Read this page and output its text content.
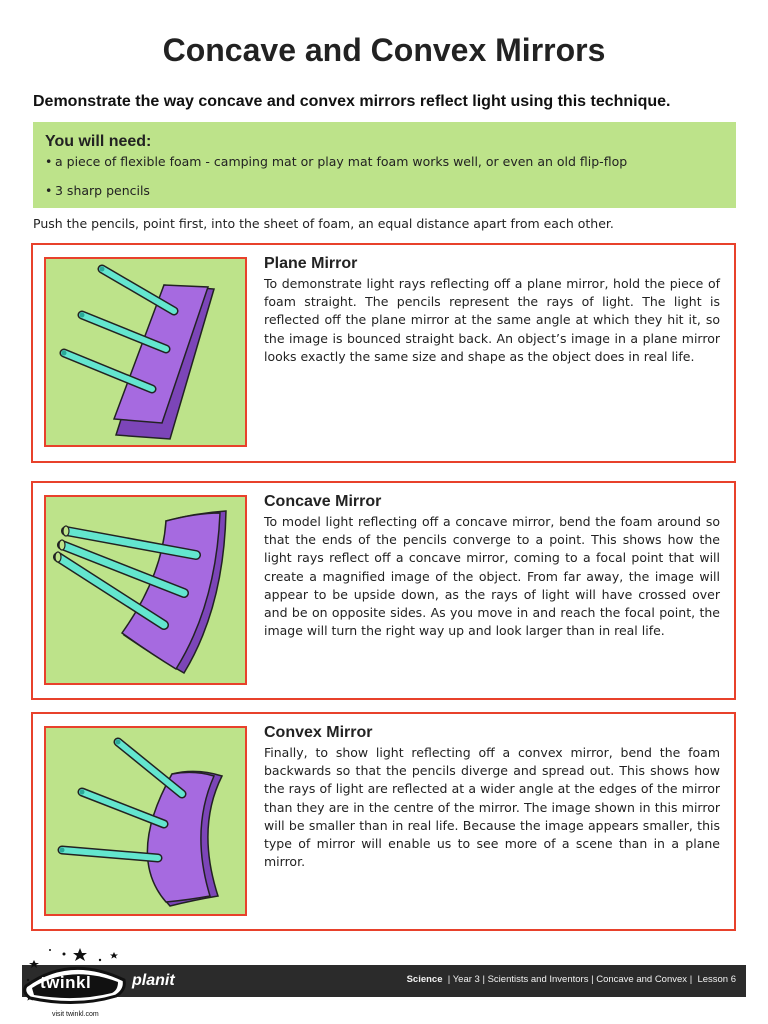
Concave and Convex Mirrors
Demonstrate the way concave and convex mirrors reflect light using this technique.
You will need:
• a piece of flexible foam - camping mat or play mat foam works well, or even an old flip-flop
• 3 sharp pencils
Push the pencils, point first, into the sheet of foam, an equal distance apart from each other.
Plane Mirror
To demonstrate light rays reflecting off a plane mirror, hold the piece of foam straight. The pencils represent the rays of light. The light is reflected off the plane mirror at the same angle at which they hit it, so the image is bounced straight back. An object’s image in a plane mirror looks exactly the same size and shape as the object does in real life.
Concave Mirror
To model light reflecting off a concave mirror, bend the foam around so that the ends of the pencils converge to a point. This shows how the light rays reflect off a concave mirror, coming to a focal point that will create a magnified image of the object. From far away, the image will appear to be upside down, as the rays of light will have crossed over and be on opposite sides. As you move in and reach the focal point, the image will turn the right way up and look larger than in real life.
Convex Mirror
Finally, to show light reflecting off a convex mirror, bend the foam backwards so that the pencils diverge and spread out. This shows how the rays of light are reflected at a wider angle at the edges of the mirror than they are in the centre of the mirror. The image shown in this mirror will be smaller than in real life. Because the image appears smaller, this type of mirror will enable us to see more of a scene than in a plane mirror.
Science | Year 3 | Scientists and Inventors | Concave and Convex | Lesson 6
twinkl	planit
visit twinkl.com
